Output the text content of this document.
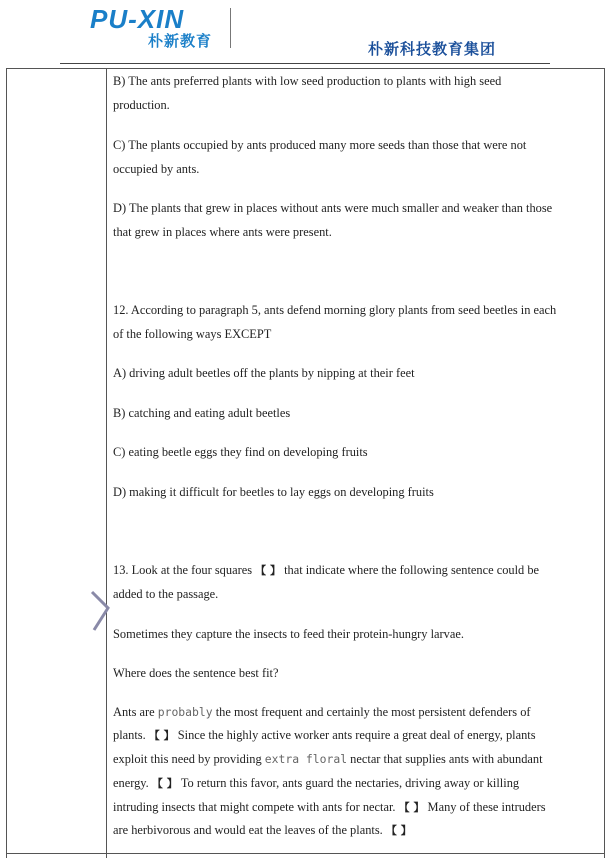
PU-XIN
朴新教育	朴新科技教育集团
B) The ants preferred plants with low seed production to plants with high seed
production.
C) The plants occupied by ants produced many more seeds than those that were not
occupied by ants.
D) The plants that grew in places without ants were much smaller and weaker than those
that grew in places where ants were present.
12. According to paragraph 5, ants defend morning glory plants from seed beetles in each
of the following ways EXCEPT
A) driving adult beetles off the plants by nipping at their feet
B) catching and eating adult beetles
C) eating beetle eggs they find on developing fruits
D) making it difficult for beetles to lay eggs on developing fruits
13. Look at the four squares 【 】 that indicate where the following sentence could be
added to the passage.
Sometimes they capture the insects to feed their protein-hungry larvae.
Where does the sentence best fit?
Ants are probably the most frequent and certainly the most persistent defenders of
plants. 【 】 Since the highly active worker ants require a great deal of energy, plants
exploit this need by providing extra floral nectar that supplies ants with abundant
energy. 【 】 To return this favor, ants guard the nectaries, driving away or killing
intruding insects that might compete with ants for nectar. 【 】 Many of these intruders
are herbivorous and would eat the leaves of the plants. 【 】
